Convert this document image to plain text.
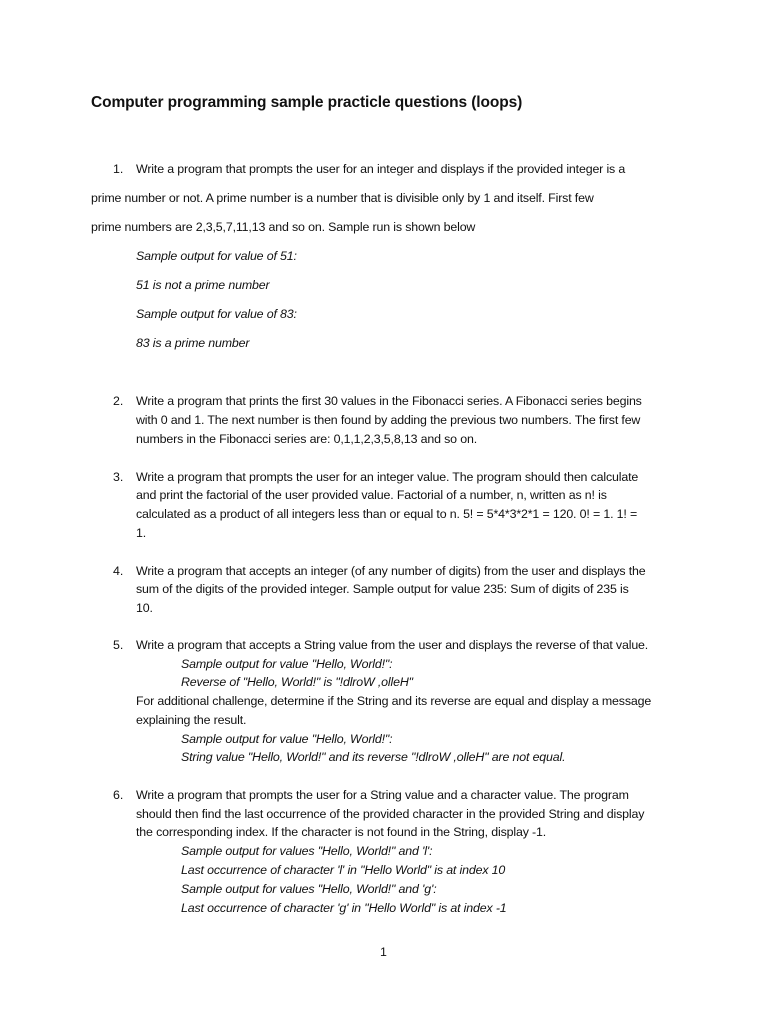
Computer programming sample practicle questions (loops)
1. Write a program that prompts the user for an integer and displays if the provided integer is a
prime number or not. A prime number is a number that is divisible only by 1 and itself. First few
prime numbers are 2,3,5,7,11,13 and so on. Sample run is shown below
Sample output for value of 51:
51 is not a prime number
Sample output for value of 83:
83 is a prime number
2. Write a program that prints the first 30 values in the Fibonacci series. A Fibonacci series begins
with 0 and 1. The next number is then found by adding the previous two numbers. The first few
numbers in the Fibonacci series are: 0,1,1,2,3,5,8,13 and so on.
3. Write a program that prompts the user for an integer value. The program should then calculate
and print the factorial of the user provided value. Factorial of a number, n, written as n! is
calculated as a product of all integers less than or equal to n. 5! = 5*4*3*2*1 = 120. 0! = 1. 1! =
1.
4. Write a program that accepts an integer (of any number of digits) from the user and displays the
sum of the digits of the provided integer. Sample output for value 235: Sum of digits of 235 is
10.
5. Write a program that accepts a String value from the user and displays the reverse of that value.
Sample output for value "Hello, World!":
Reverse of "Hello, World!" is "!dlroW ,olleH"
For additional challenge, determine if the String and its reverse are equal and display a message
explaining the result.
Sample output for value "Hello, World!":
String value "Hello, World!" and its reverse "!dlroW ,olleH" are not equal.
6. Write a program that prompts the user for a String value and a character value. The program
should then find the last occurrence of the provided character in the provided String and display
the corresponding index. If the character is not found in the String, display -1.
Sample output for values "Hello, World!" and 'l':
Last occurrence of character 'l' in "Hello World" is at index 10
Sample output for values "Hello, World!" and 'g':
Last occurrence of character 'g' in "Hello World" is at index -1
1
